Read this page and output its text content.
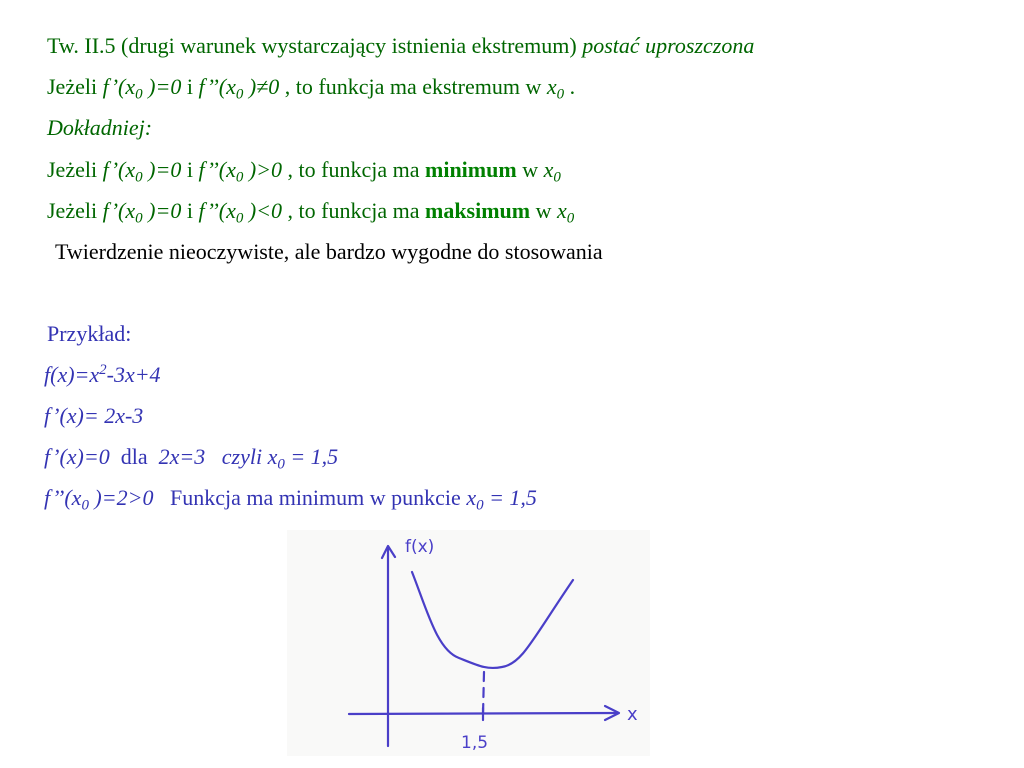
Tw. II.5 (drugi warunek wystarczający istnienia ekstremum) postać uproszczona
Jeżeli $f’(x_0$ )=0 i $f’’(x_0$ )≠0 , to funkcja ma ekstremum w $x_0$ .
Dokładniej:
Jeżeli $f’(x_0$ )=0 i $f’’(x_0$ )>0 , to funkcja ma minimum w $x_0$
Jeżeli $f’(x_0$ )=0 i $f’’(x_0$ )<0 , to funkcja ma maksimum w $x_0$
Twierdzenie nieoczywiste, ale bardzo wygodne do stosowania
Przykład:
$f(x)=x^2-3x+4$
f’(x)= 2x-3
f’(x)=0  dla  2x=3   czyli $x_0 = 1,5$
$f’’(x_0$ )=2>0   Funkcja ma minimum w punkcie $x_0 = 1,5$
f(x)
x
1,5
